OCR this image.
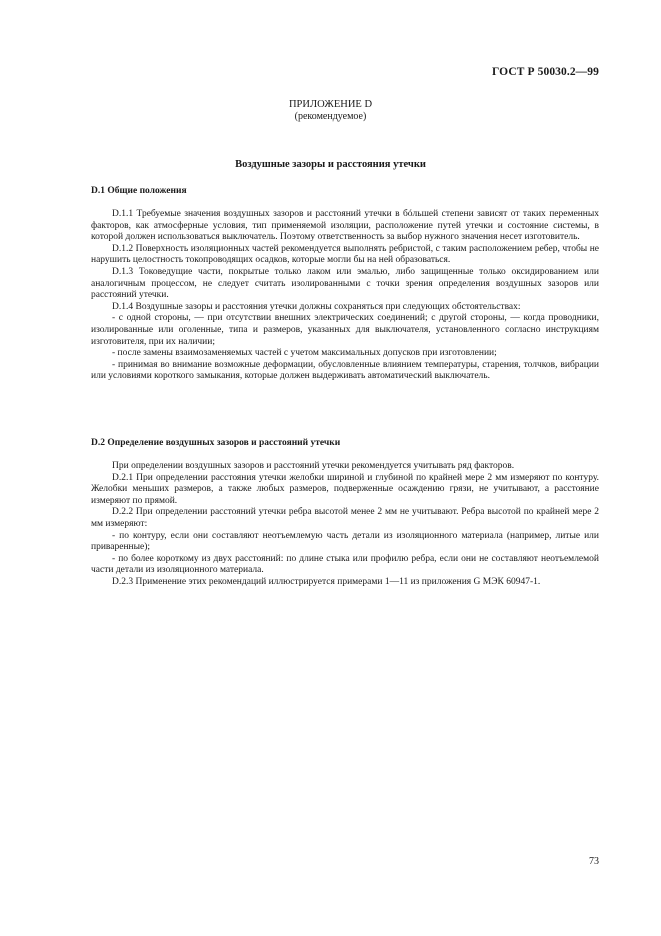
ГОСТ Р 50030.2—99
ПРИЛОЖЕНИЕ D
(рекомендуемое)
Воздушные зазоры и расстояния утечки
D.1 Общие положения

D.1.1 Требуемые значения воздушных зазоров и расстояний утечки в бóльшей степени зависят от таких переменных факторов, как атмосферные условия, тип применяемой изоляции, расположение путей утечки и состояние системы, в которой должен использоваться выключатель. Поэтому ответственность за выбор нужного значения несет изготовитель.

D.1.2 Поверхность изоляционных частей рекомендуется выполнять ребристой, с таким расположением ребер, чтобы не нарушить целостность токопроводящих осадков, которые могли бы на ней образоваться.

D.1.3 Токоведущие части, покрытые только лаком или эмалью, либо защищенные только оксидированием или аналогичным процессом, не следует считать изолированными с точки зрения определения воздушных зазоров или расстояний утечки.

D.1.4 Воздушные зазоры и расстояния утечки должны сохраняться при следующих обстоятельствах:

- с одной стороны, — при отсутствии внешних электрических соединений; с другой стороны, — когда проводники, изолированные или оголенные, типа и размеров, указанных для выключателя, установленного согласно инструкциям изготовителя, при их наличии;

- после замены взаимозаменяемых частей с учетом максимальных допусков при изготовлении;

- принимая во внимание возможные деформации, обусловленные влиянием температуры, старения, толчков, вибрации или условиями короткого замыкания, которые должен выдерживать автоматический выключатель.

D.2 Определение воздушных зазоров и расстояний утечки

При определении воздушных зазоров и расстояний утечки рекомендуется учитывать ряд факторов.

D.2.1 При определении расстояния утечки желобки шириной и глубиной по крайней мере 2 мм измеряют по контуру. Желобки меньших размеров, а также любых размеров, подверженные осаждению грязи, не учитывают, а расстояние измеряют по прямой.

D.2.2 При определении расстояний утечки ребра высотой менее 2 мм не учитывают. Ребра высотой по крайней мере 2 мм измеряют:

- по контуру, если они составляют неотъемлемую часть детали из изоляционного материала (например, литые или приваренные);

- по более короткому из двух расстояний: по длине стыка или профилю ребра, если они не составляют неотъемлемой части детали из изоляционного материала.

D.2.3 Применение этих рекомендаций иллюстрируется примерами 1—11 из приложения G МЭК 60947-1.

73
